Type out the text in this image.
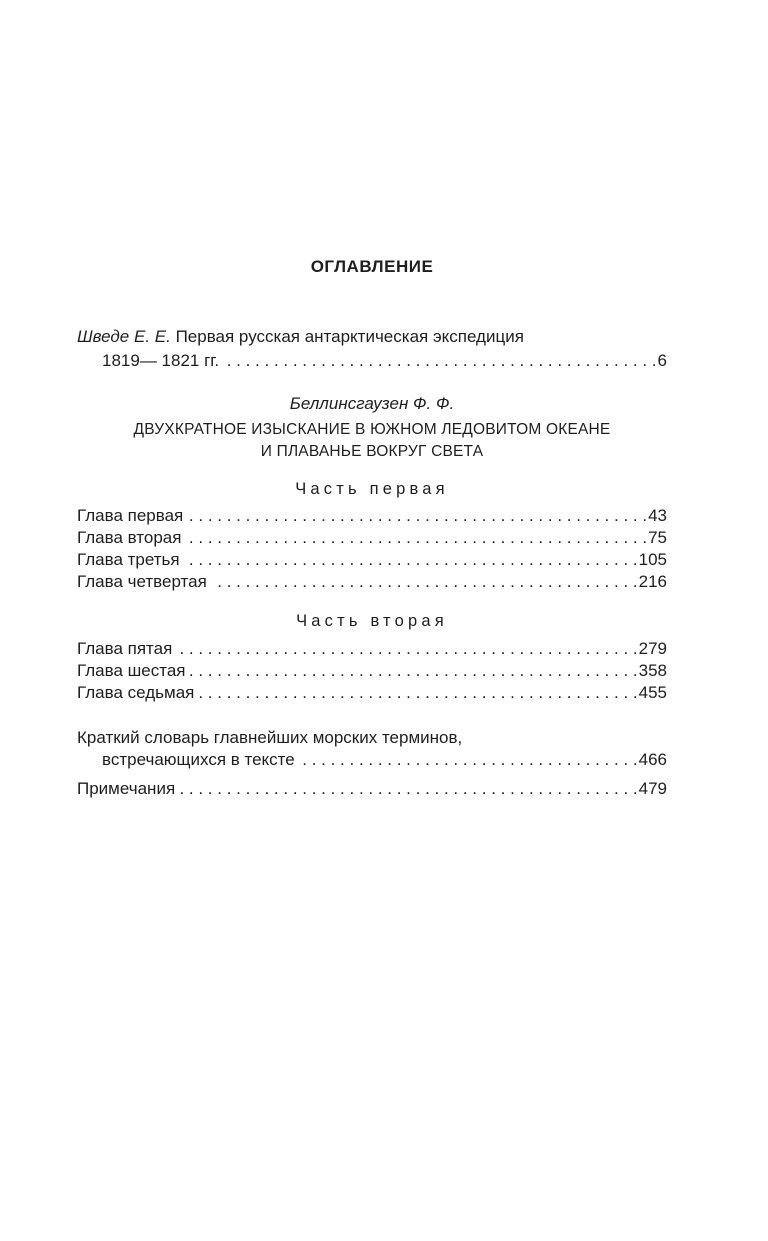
ОГЛАВЛЕНИЕ
Шведе Е. Е. Первая русская антарктическая экспедиция
1819— 1821 гг. . . .	6
Беллинсгаузен Ф. Ф.
ДВУХКРАТНОЕ ИЗЫСКАНИЕ В ЮЖНОМ ЛЕДОВИТОМ ОКЕАНЕ
И ПЛАВАНЬЕ ВОКРУГ СВЕТА
Часть первая
Глава первая . . .	43
Глава вторая . . .	75
Глава третья . . .	105
Глава четвертая . . .	216
Часть вторая
Глава пятая . . .	279
Глава шестая . . .	358
Глава седьмая . . .	455
Краткий словарь главнейших морских терминов,
встречающихся в тексте . . .	466
Примечания . . .	479
